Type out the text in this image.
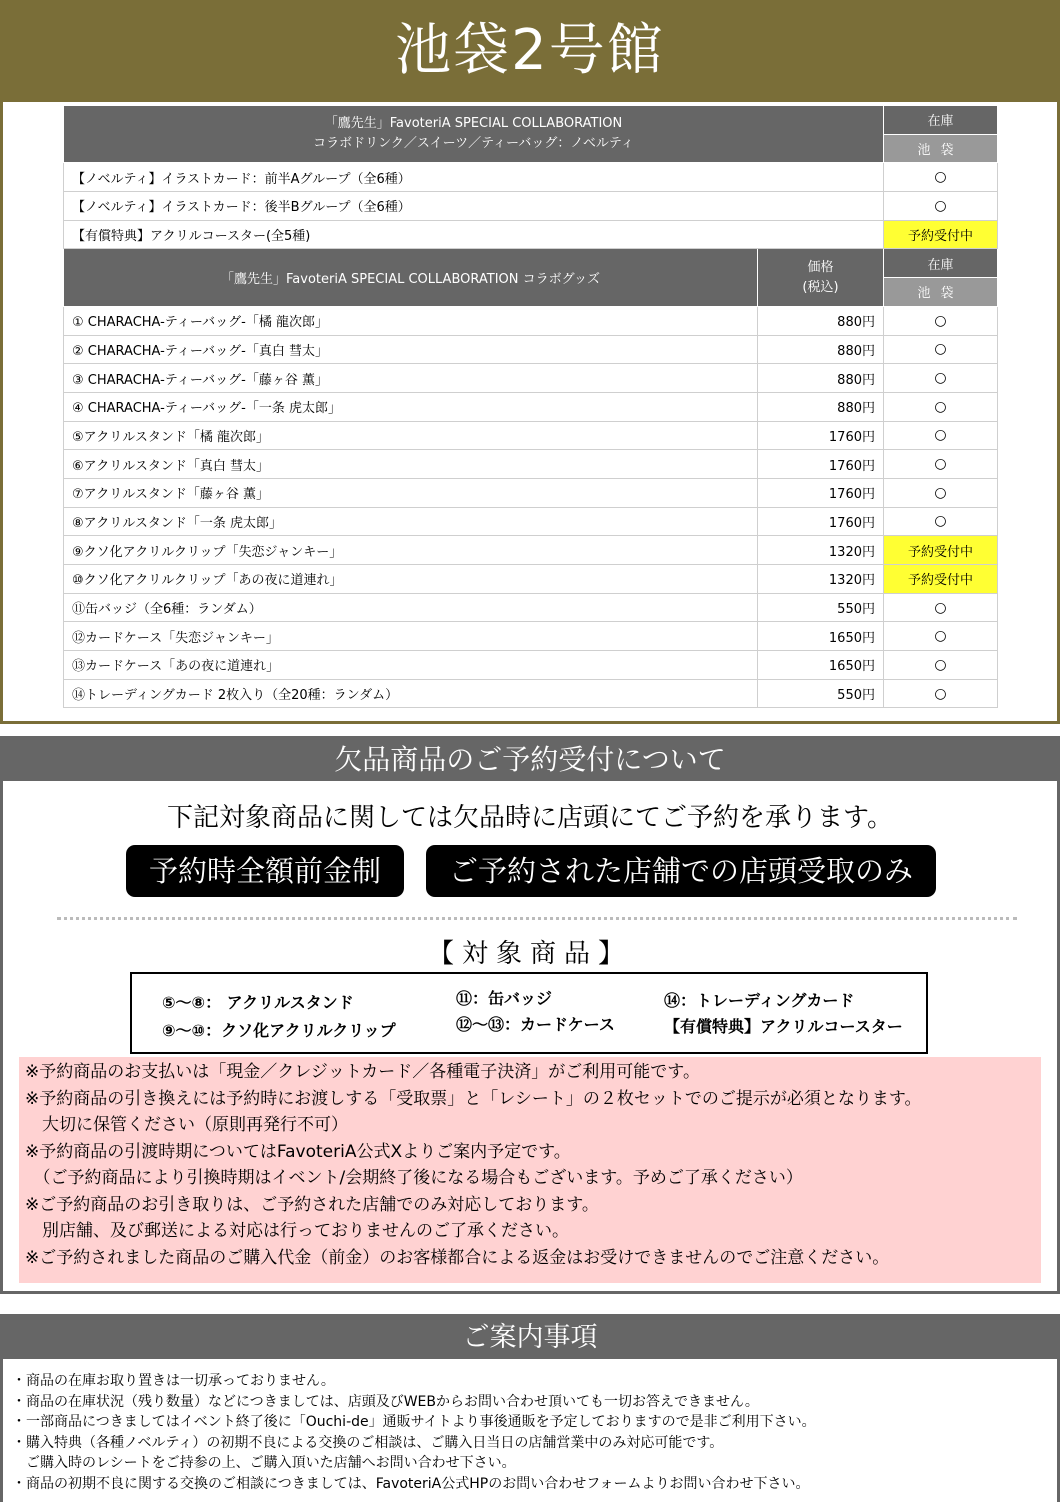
池袋2号館
「鷹先生」FavoteriA SPECIAL COLLABORATION
コラボドリンク／スイーツ／ティーバッグ：ノベルティ		在庫
		池袋
【ノベルティ】イラストカード：前半Aグループ（全6種）		○
【ノベルティ】イラストカード：後半Bグループ（全6種）		○
【有償特典】アクリルコースター(全5種)		予約受付中
「鷹先生」FavoteriA SPECIAL COLLABORATION コラボグッズ	価格
(税込)	在庫
		池袋
① CHARACHA-ティーバッグ-「橘 龍次郎」	880円	○
② CHARACHA-ティーバッグ-「真白 彗太」	880円	○
③ CHARACHA-ティーバッグ-「藤ヶ谷 薫」	880円	○
④ CHARACHA-ティーバッグ-「一条 虎太郎」	880円	○
⑤アクリルスタンド「橘 龍次郎」	1760円	○
⑥アクリルスタンド「真白 彗太」	1760円	○
⑦アクリルスタンド「藤ヶ谷 薫」	1760円	○
⑧アクリルスタンド「一条 虎太郎」	1760円	○
⑨クソ化アクリルクリップ「失恋ジャンキー」	1320円	予約受付中
⑩クソ化アクリルクリップ「あの夜に道連れ」	1320円	予約受付中
⑪缶バッジ（全6種：ランダム）	550円	○
⑫カードケース「失恋ジャンキー」	1650円	○
⑬カードケース「あの夜に道連れ」	1650円	○
⑭トレーディングカード 2枚入り（全20種：ランダム）	550円	○
欠品商品のご予約受付について
下記対象商品に関しては欠品時に店頭にてご予約を承ります。
予約時全額前金制	ご予約された店舗での店頭受取のみ
【対象商品】
⑤〜⑧： アクリルスタンド
⑨〜⑩：クソ化アクリルクリップ
⑪：缶バッジ
⑫〜⑬：カードケース
⑭：トレーディングカード
【有償特典】アクリルコースター
※予約商品のお支払いは「現金／クレジットカード／各種電子決済」がご利用可能です。
※予約商品の引き換えには予約時にお渡しする「受取票」と「レシート」の２枚セットでのご提示が必須となります。
　大切に保管ください（原則再発行不可）
※予約商品の引渡時期についてはFavoteriA公式Xよりご案内予定です。
　（ご予約商品により引換時期はイベント/会期終了後になる場合もございます。予めご了承ください）
※ご予約商品のお引き取りは、ご予約された店舗でのみ対応しております。
　別店舗、及び郵送による対応は行っておりませんのご了承ください。
※ご予約されました商品のご購入代金（前金）のお客様都合による返金はお受けできませんのでご注意ください。
ご案内事項
・商品の在庫お取り置きは一切承っておりません。
・商品の在庫状況（残り数量）などにつきましては、店頭及びWEBからお問い合わせ頂いても一切お答えできません。
・一部商品につきましてはイベント終了後に「Ouchi-de」通販サイトより事後通販を予定しておりますので是非ご利用下さい。
・購入特典（各種ノベルティ）の初期不良による交換のご相談は、ご購入日当日の店舗営業中のみ対応可能です。
　ご購入時のレシートをご持参の上、ご購入頂いた店舗へお問い合わせ下さい。
・商品の初期不良に関する交換のご相談につきましては、FavoteriA公式HPのお問い合わせフォームよりお問い合わせ下さい。
